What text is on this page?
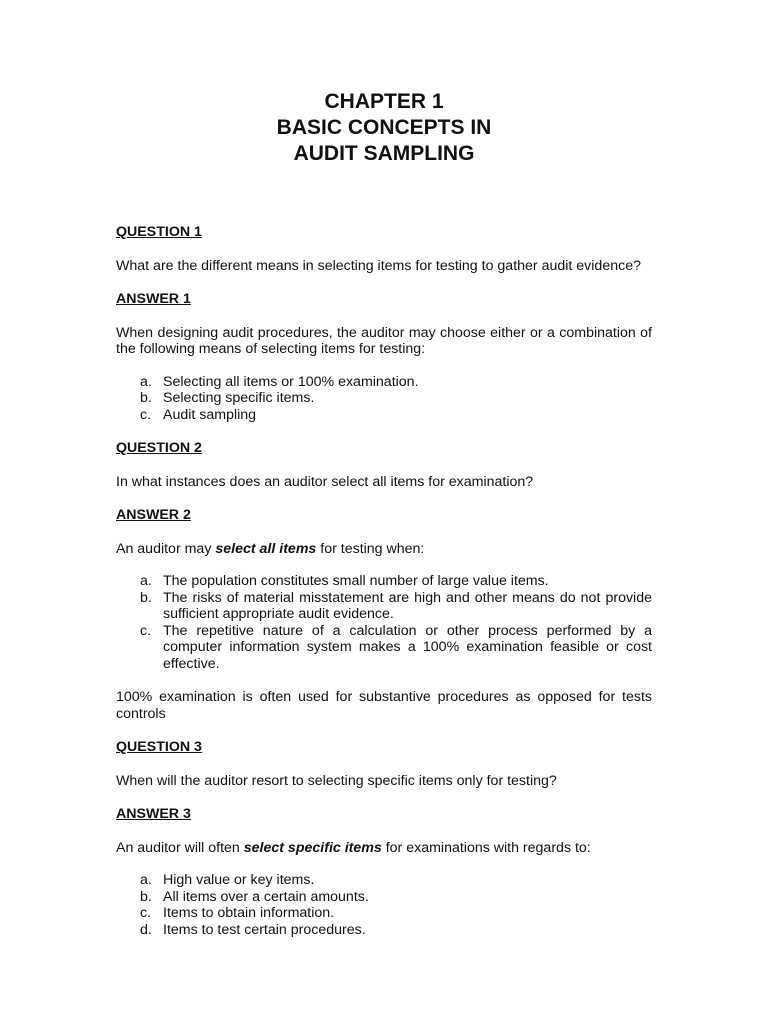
CHAPTER 1
BASIC CONCEPTS IN
AUDIT SAMPLING

QUESTION 1

What are the different means in selecting items for testing to gather audit evidence?

ANSWER 1

When designing audit procedures, the auditor may choose either or a combination of the following means of selecting items for testing:

a. Selecting all items or 100% examination.
b. Selecting specific items.
c. Audit sampling

QUESTION 2

In what instances does an auditor select all items for examination?

ANSWER 2

An auditor may select all items for testing when:

a. The population constitutes small number of large value items.
b. The risks of material misstatement are high and other means do not provide sufficient appropriate audit evidence.
c. The repetitive nature of a calculation or other process performed by a computer information system makes a 100% examination feasible or cost effective.

100% examination is often used for substantive procedures as opposed for tests controls

QUESTION 3

When will the auditor resort to selecting specific items only for testing?

ANSWER 3

An auditor will often select specific items for examinations with regards to:

a. High value or key items.
b. All items over a certain amounts.
c. Items to obtain information.
d. Items to test certain procedures.
